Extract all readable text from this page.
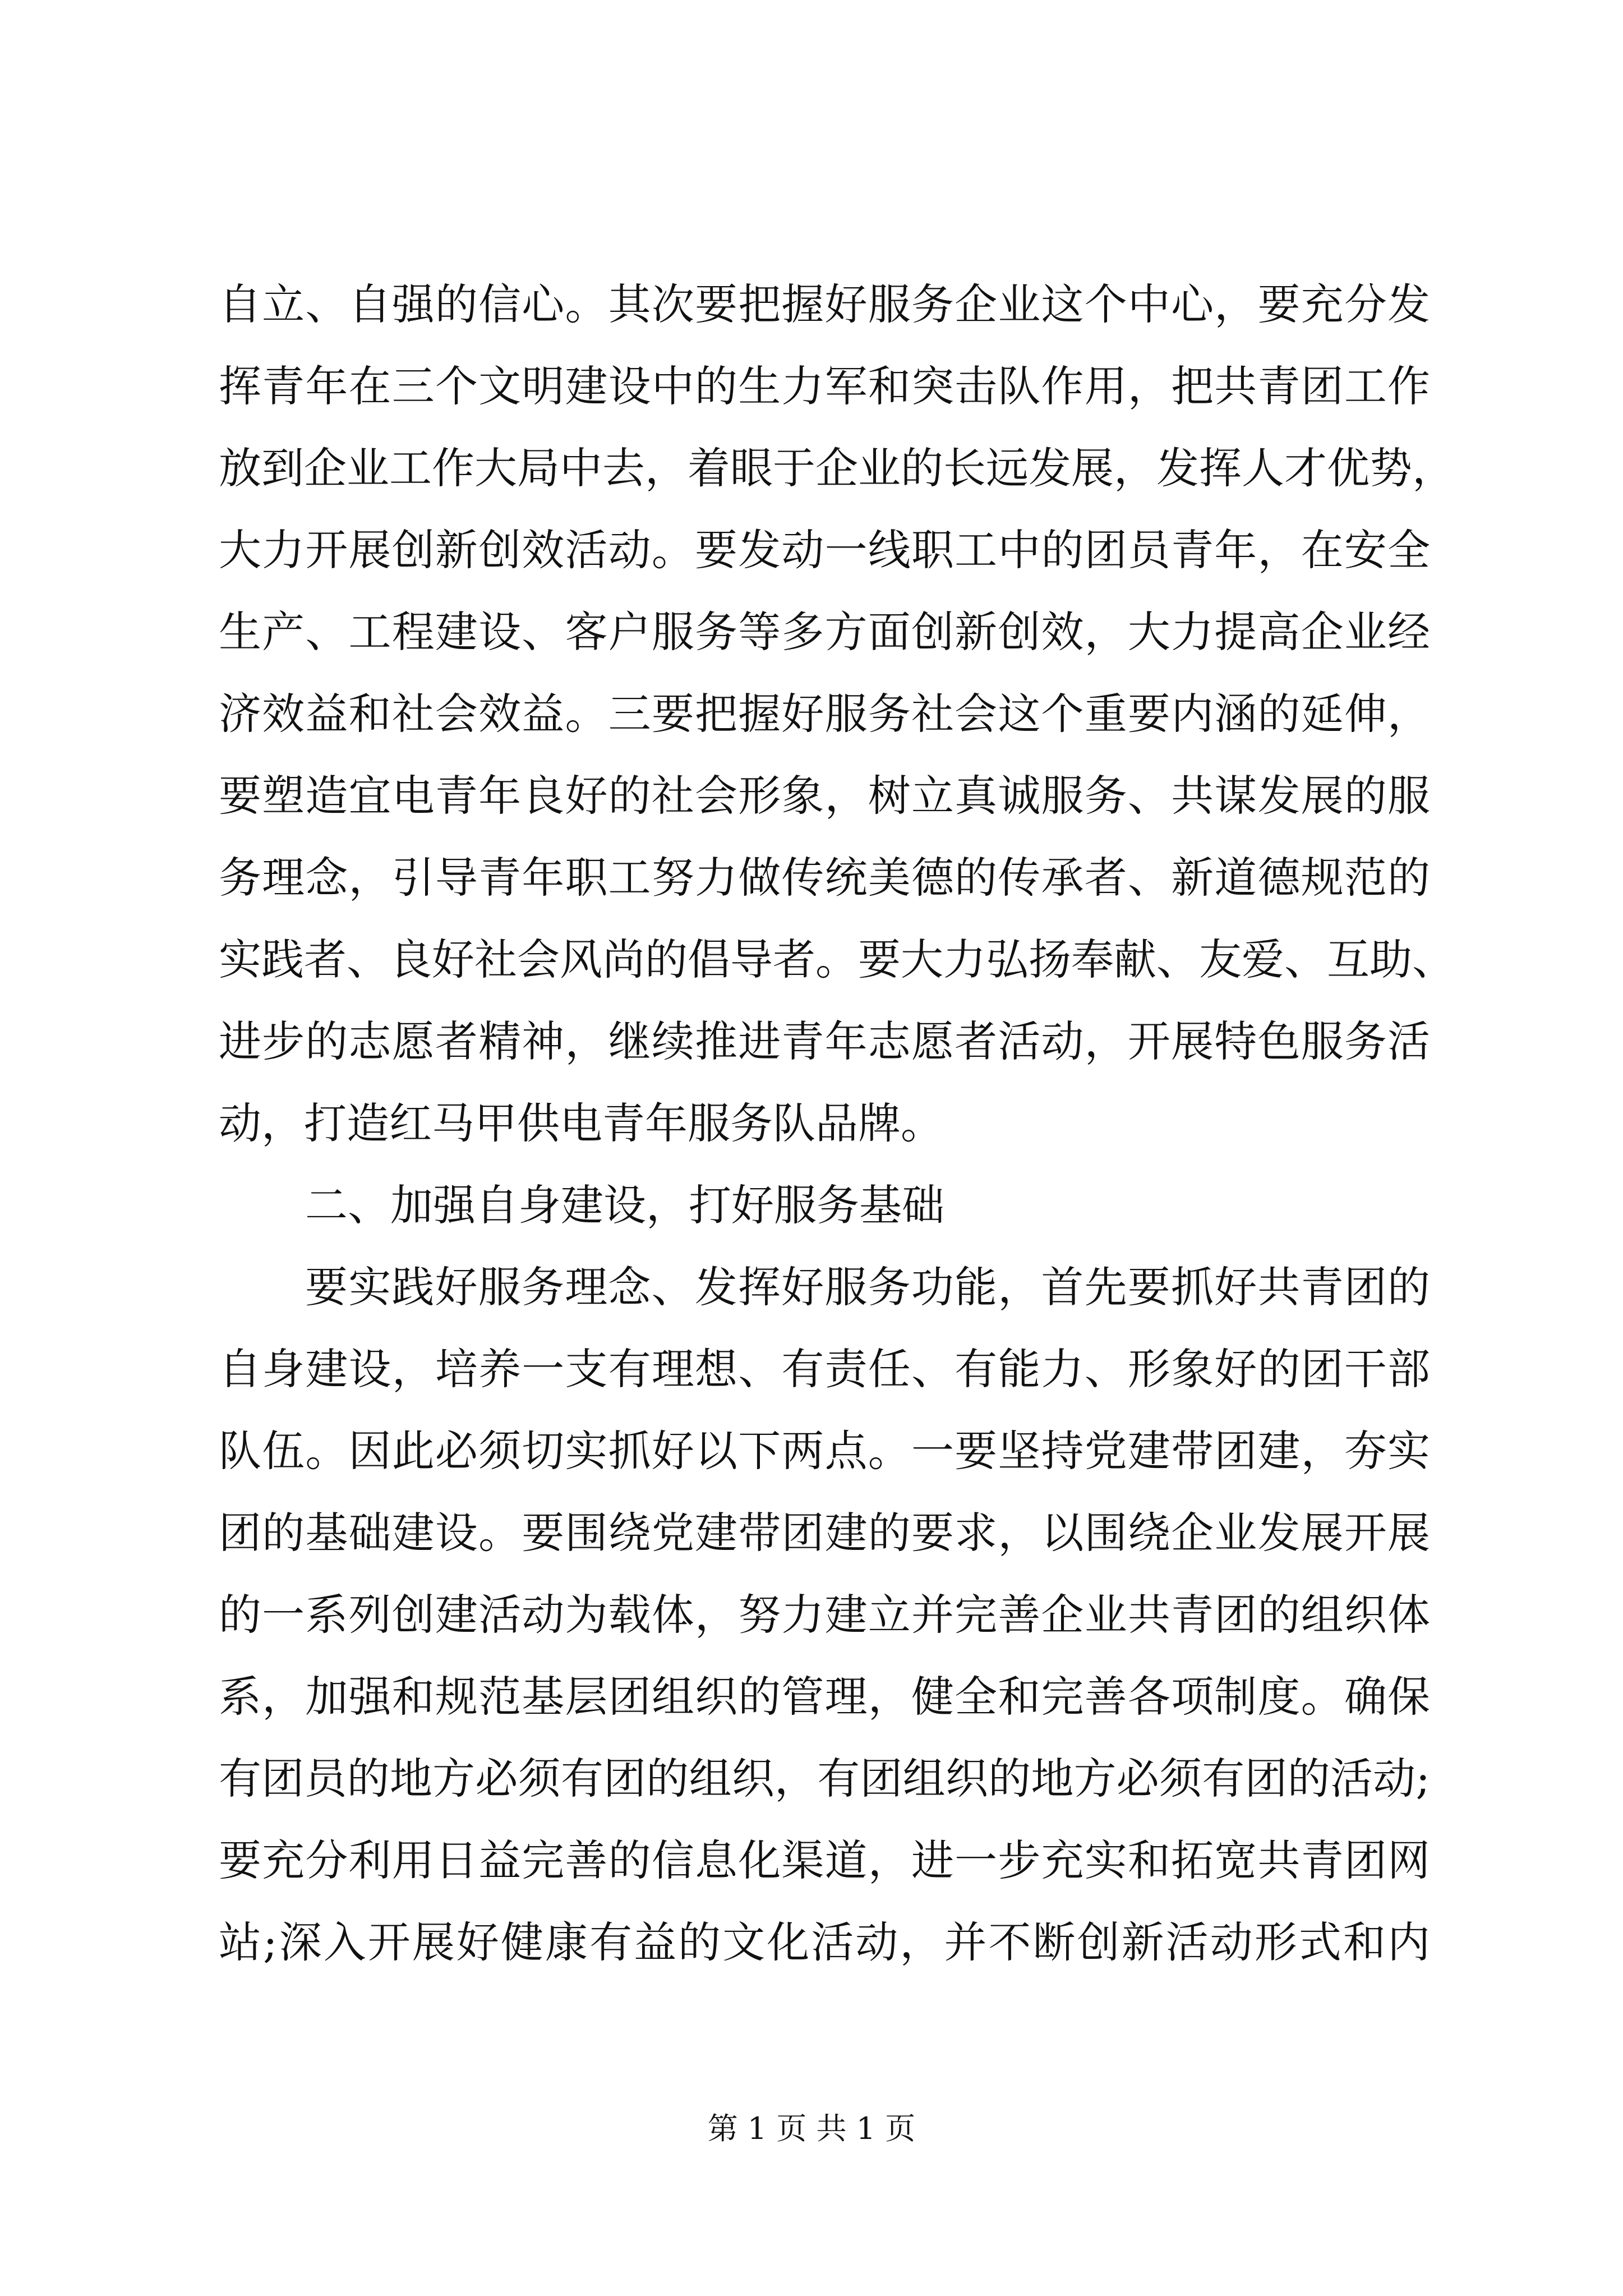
自立、自强的信心。其次要把握好服务企业这个中心，要充分发
挥青年在三个文明建设中的生力军和突击队作用，把共青团工作
放到企业工作大局中去，着眼于企业的长远发展，发挥人才优势，
大力开展创新创效活动。要发动一线职工中的团员青年，在安全
生产、工程建设、客户服务等多方面创新创效，大力提高企业经
济效益和社会效益。三要把握好服务社会这个重要内涵的延伸，
要塑造宜电青年良好的社会形象，树立真诚服务、共谋发展的服
务理念，引导青年职工努力做传统美德的传承者、新道德规范的
实践者、良好社会风尚的倡导者。要大力弘扬奉献、友爱、互助、
进步的志愿者精神，继续推进青年志愿者活动，开展特色服务活
动，打造红马甲供电青年服务队品牌。
二、加强自身建设，打好服务基础
要实践好服务理念、发挥好服务功能，首先要抓好共青团的
自身建设，培养一支有理想、有责任、有能力、形象好的团干部
队伍。因此必须切实抓好以下两点。一要坚持党建带团建，夯实
团的基础建设。要围绕党建带团建的要求，以围绕企业发展开展
的一系列创建活动为载体，努力建立并完善企业共青团的组织体
系，加强和规范基层团组织的管理，健全和完善各项制度。确保
有团员的地方必须有团的组织，有团组织的地方必须有团的活动;
要充分利用日益完善的信息化渠道，进一步充实和拓宽共青团网
站;深入开展好健康有益的文化活动，并不断创新活动形式和内
第 1 页 共 1 页
